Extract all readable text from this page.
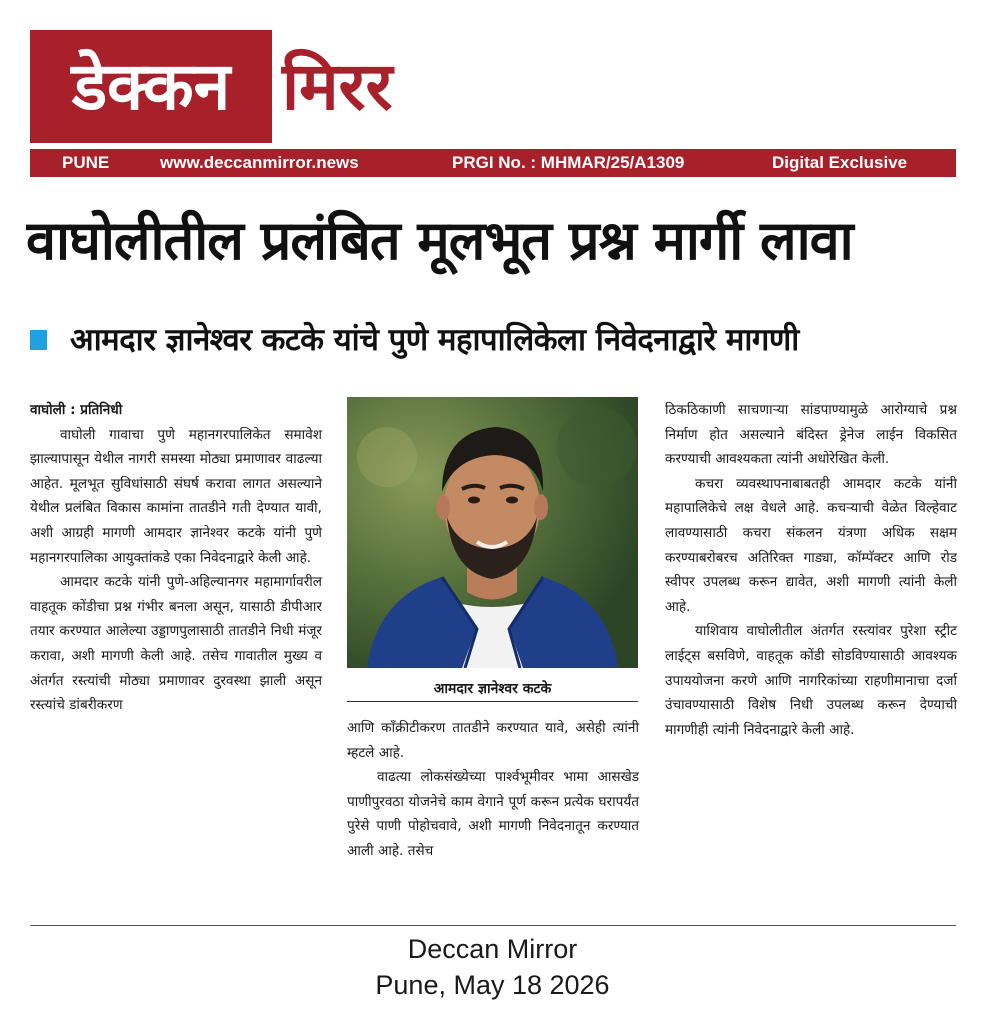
डेक्कन मिरर
PUNE	www.deccanmirror.news	PRGI No. : MHMAR/25/A1309	Digital Exclusive
वाघोलीतील प्रलंबित मूलभूत प्रश्न मार्गी लावा
आमदार ज्ञानेश्वर कटके यांचे पुणे महापालिकेला निवेदनाद्वारे मागणी

वाघोली : प्रतिनिधी

वाघोली गावाचा पुणे महानगरपालिकेत समावेश झाल्यापासून येथील नागरी समस्या मोठ्या प्रमाणावर वाढल्या आहेत. मूलभूत सुविधांसाठी संघर्ष करावा लागत असल्याने येथील प्रलंबित विकास कामांना तातडीने गती देण्यात यावी, अशी आग्रही मागणी आमदार ज्ञानेश्वर कटके यांनी पुणे महानगरपालिका आयुक्तांकडे एका निवेदनाद्वारे केली आहे.

आमदार कटके यांनी पुणे-अहिल्यानगर महामार्गावरील वाहतूक कोंडीचा प्रश्न गंभीर बनला असून, यासाठी डीपीआर तयार करण्यात आलेल्या उड्डाणपुलासाठी तातडीने निधी मंजूर करावा, अशी मागणी केली आहे. तसेच गावातील मुख्य व अंतर्गत रस्त्यांची मोठ्या प्रमाणावर दुरवस्था झाली असून रस्त्यांचे डांबरीकरण

आमदार ज्ञानेश्वर कटके

आणि काँक्रीटीकरण तातडीने करण्यात यावे, असेही त्यांनी म्हटले आहे.

वाढत्या लोकसंख्येच्या पार्श्वभूमीवर भामा आसखेड पाणीपुरवठा योजनेचे काम वेगाने पूर्ण करून प्रत्येक घरापर्यंत पुरेसे पाणी पोहोचवावे, अशी मागणी निवेदनातून करण्यात आली आहे. तसेच

ठिकठिकाणी साचणाऱ्या सांडपाण्यामुळे आरोग्याचे प्रश्न निर्माण होत असल्याने बंदिस्त ड्रेनेज लाईन विकसित करण्याची आवश्यकता त्यांनी अधोरेखित केली.

कचरा व्यवस्थापनाबाबतही आमदार कटके यांनी महापालिकेचे लक्ष वेधले आहे. कचऱ्याची वेळेत विल्हेवाट लावण्यासाठी कचरा संकलन यंत्रणा अधिक सक्षम करण्याबरोबरच अतिरिक्त गाड्या, कॉम्पॅक्टर आणि रोड स्वीपर उपलब्ध करून द्यावेत, अशी मागणी त्यांनी केली आहे.

याशिवाय वाघोलीतील अंतर्गत रस्त्यांवर पुरेशा स्ट्रीट लाईट्स बसविणे, वाहतूक कोंडी सोडविण्यासाठी आवश्यक उपाययोजना करणे आणि नागरिकांच्या राहणीमानाचा दर्जा उंचावण्यासाठी विशेष निधी उपलब्ध करून देण्याची मागणीही त्यांनी निवेदनाद्वारे केली आहे.

Deccan Mirror
Pune, May 18 2026
